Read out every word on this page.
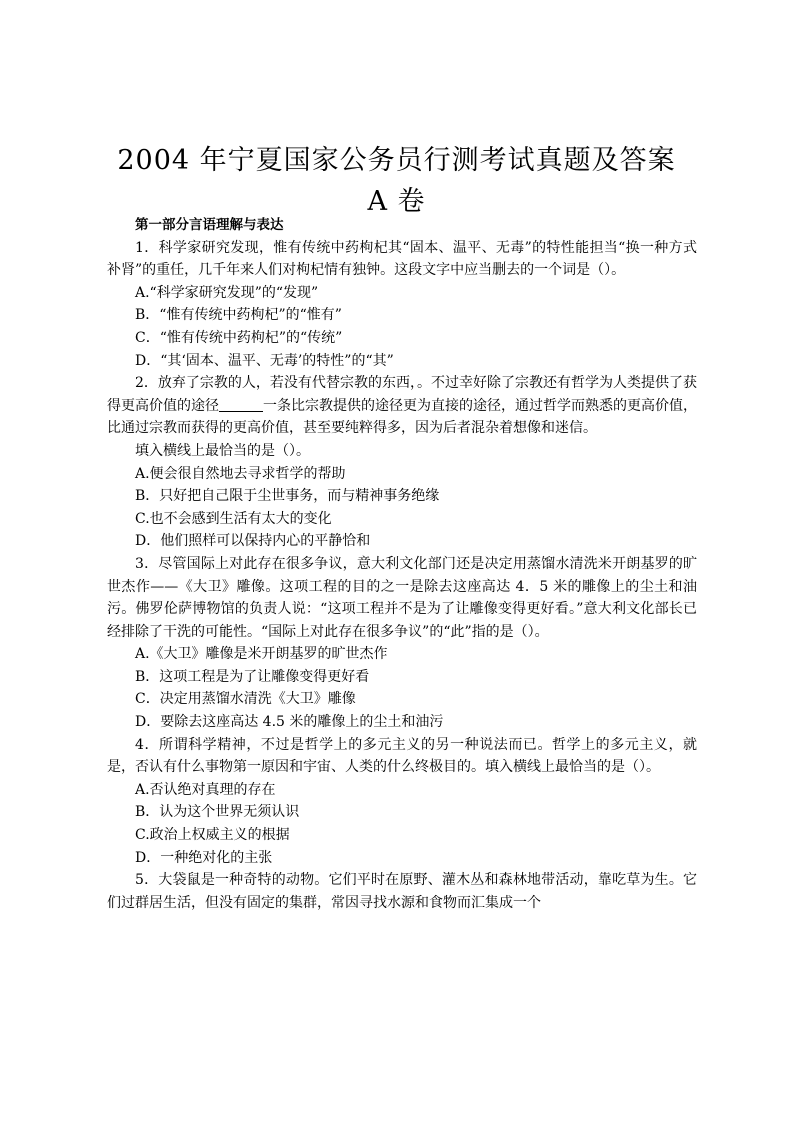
2004 年宁夏国家公务员行测考试真题及答案
A 卷

第一部分言语理解与表达

1．科学家研究发现，惟有传统中药枸杞其“固本、温平、无毒”的特性能担当“换一种方式补肾”的重任，几千年来人们对枸杞情有独钟。这段文字中应当删去的一个词是（）。

A.“科学家研究发现”的“发现”

B．“惟有传统中药枸杞”的“惟有”

C．“惟有传统中药枸杞”的“传统”

D．“其‘固本、温平、无毒’的特性”的“其”

2．放弃了宗教的人，若没有代替宗教的东西，。不过幸好除了宗教还有哲学为人类提供了获得更高价值的途径	一条比宗教提供的途径更为直接的途径，通过哲学而熟悉的更高价值，比通过宗教而获得的更高价值，甚至要纯粹得多，因为后者混杂着想像和迷信。

填入横线上最恰当的是（）。

A.便会很自然地去寻求哲学的帮助

B．只好把自己限于尘世事务，而与精神事务绝缘

C.也不会感到生活有太大的变化

D．他们照样可以保持内心的平静恰和

3．尽管国际上对此存在很多争议，意大利文化部门还是决定用蒸馏水清洗米开朗基罗的旷世杰作——《大卫》雕像。这项工程的目的之一是除去这座高达 4．5 米的雕像上的尘土和油污。佛罗伦萨博物馆的负责人说：“这项工程并不是为了让雕像变得更好看。”意大利文化部长已经排除了干洗的可能性。“国际上对此存在很多争议”的“此”指的是（）。

A.《大卫》雕像是米开朗基罗的旷世杰作

B．这项工程是为了让雕像变得更好看

C．决定用蒸馏水清洗《大卫》雕像

D．要除去这座高达 4.5 米的雕像上的尘土和油污

4．所谓科学精神，不过是哲学上的多元主义的另一种说法而已。哲学上的多元主义，就是，否认有什么事物第一原因和宇宙、人类的什么终极目的。填入横线上最恰当的是（）。

A.否认绝对真理的存在

B．认为这个世界无须认识

C.政治上权威主义的根据

D．一种绝对化的主张

5．大袋鼠是一种奇特的动物。它们平时在原野、灌木丛和森林地带活动，靠吃草为生。它们过群居生活，但没有固定的集群，常因寻找水源和食物而汇集成一个
